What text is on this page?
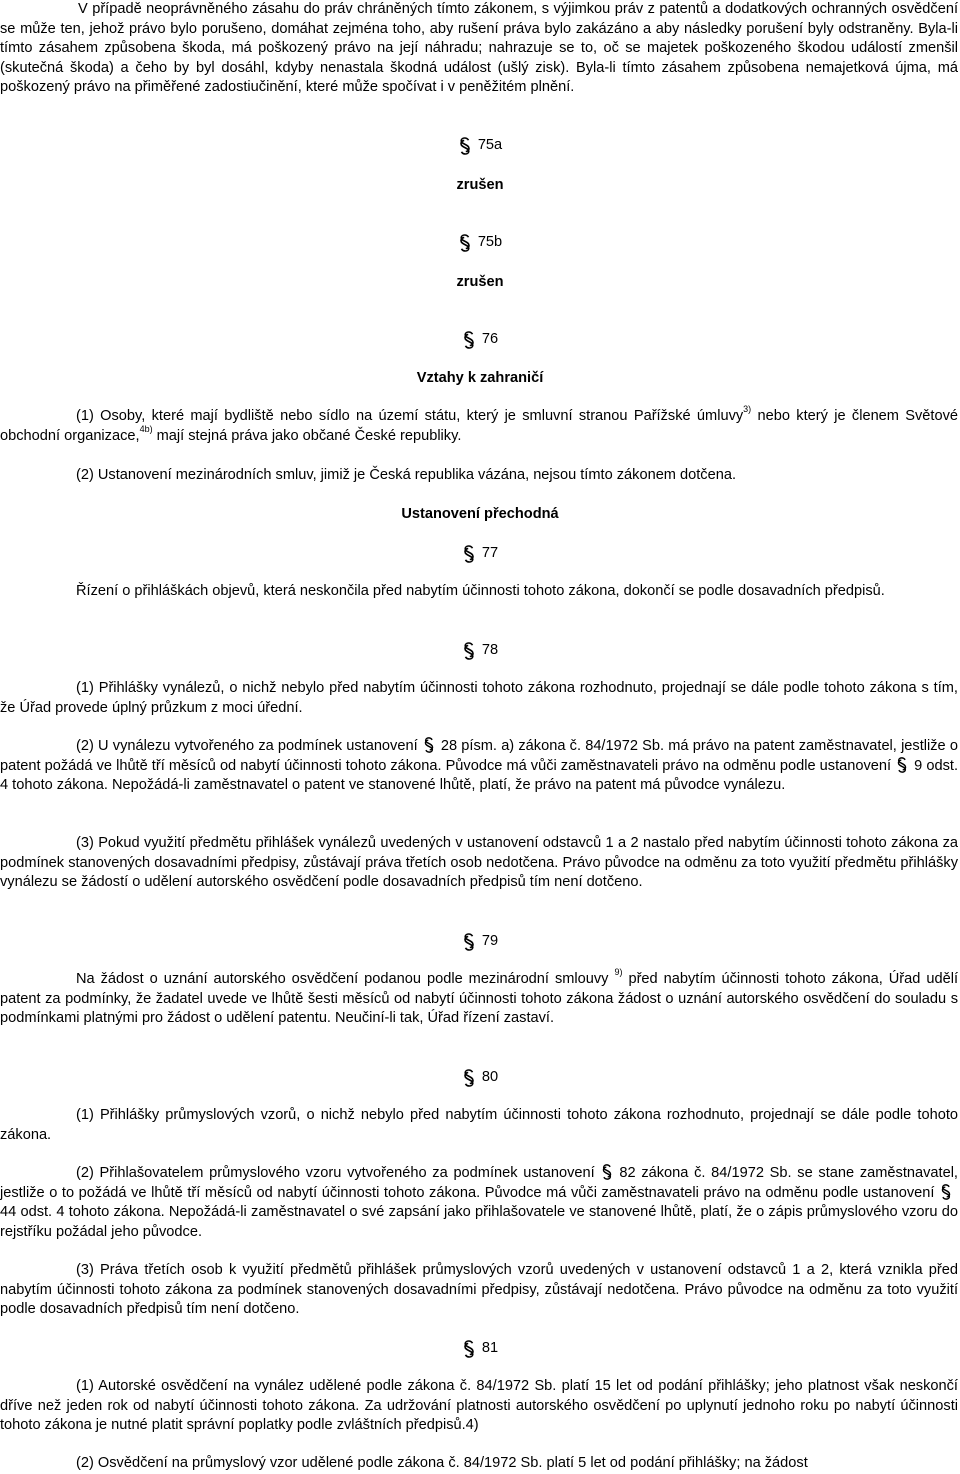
V případě neoprávněného zásahu do práv chráněných tímto zákonem, s výjimkou práv z patentů a dodatkových ochranných osvědčení se může ten, jehož právo bylo porušeno, domáhat zejména toho, aby rušení práva bylo zakázáno a aby následky porušení byly odstraněny. Byla-li tímto zásahem způsobena škoda, má poškozený právo na její náhradu; nahrazuje se to, oč se majetek poškozeného škodou událostí zmenšil (skutečná škoda) a čeho by byl dosáhl, kdyby nenastala škodná událost (ušlý zisk). Byla-li tímto zásahem způsobena nemajetková újma, má poškozený právo na přiměřené zadostiučinění, které může spočívat i v peněžitém plnění.

75a
zrušen
75b
zrušen
76
Vztahy k zahraničí

(1) Osoby, které mají bydliště nebo sídlo na území státu, který je smluvní stranou Pařížské úmluvy$^{3)}$ nebo který je členem Světové obchodní organizace,$^{4b)}$ mají stejná práva jako občané České republiky.

(2) Ustanovení mezinárodních smluv, jimiž je Česká republika vázána, nejsou tímto zákonem dotčena.

Ustanovení přechodná
77

Řízení o přihláškách objevů, která neskončila před nabytím účinnosti tohoto zákona, dokončí se podle dosavadních předpisů.

78

(1) Přihlášky vynálezů, o nichž nebylo před nabytím účinnosti tohoto zákona rozhodnuto, projednají se dále podle tohoto zákona s tím, že Úřad provede úplný průzkum z moci úřední.

(2) U vynálezu vytvořeného za podmínek ustanovení 28 písm. a) zákona č. 84/1972 Sb. má právo na patent zaměstnavatel, jestliže o patent požádá ve lhůtě tří měsíců od nabytí účinnosti tohoto zákona. Původce má vůči zaměstnavateli právo na odměnu podle ustanovení 9 odst. 4 tohoto zákona. Nepožádá-li zaměstnavatel o patent ve stanovené lhůtě, platí, že právo na patent má původce vynálezu.

(3) Pokud využití předmětu přihlášek vynálezů uvedených v ustanovení odstavců 1 a 2 nastalo před nabytím účinnosti tohoto zákona za podmínek stanovených dosavadními předpisy, zůstávají práva třetích osob nedotčena. Právo původce na odměnu za toto využití předmětu přihlášky vynálezu se žádostí o udělení autorského osvědčení podle dosavadních předpisů tím není dotčeno.

79

Na žádost o uznání autorského osvědčení podanou podle mezinárodní smlouvy $^{9)}$ před nabytím účinnosti tohoto zákona, Úřad udělí patent za podmínky, že žadatel uvede ve lhůtě šesti měsíců od nabytí účinnosti tohoto zákona žádost o uznání autorského osvědčení do souladu s podmínkami platnými pro žádost o udělení patentu. Neučiní-li tak, Úřad řízení zastaví.

80

(1) Přihlášky průmyslových vzorů, o nichž nebylo před nabytím účinnosti tohoto zákona rozhodnuto, projednají se dále podle tohoto zákona.

(2) Přihlašovatelem průmyslového vzoru vytvořeného za podmínek ustanovení 82 zákona č. 84/1972 Sb. se stane zaměstnavatel, jestliže o to požádá ve lhůtě tří měsíců od nabytí účinnosti tohoto zákona. Původce má vůči zaměstnavateli právo na odměnu podle ustanovení 44 odst. 4 tohoto zákona. Nepožádá-li zaměstnavatel o své zapsání jako přihlašovatele ve stanovené lhůtě, platí, že o zápis průmyslového vzoru do rejstříku požádal jeho původce.

(3) Práva třetích osob k využití předmětů přihlášek průmyslových vzorů uvedených v ustanovení odstavců 1 a 2, která vznikla před nabytím účinnosti tohoto zákona za podmínek stanovených dosavadními předpisy, zůstávají nedotčena. Právo původce na odměnu za toto využití podle dosavadních předpisů tím není dotčeno.

81

(1) Autorské osvědčení na vynález udělené podle zákona č. 84/1972 Sb. platí 15 let od podání přihlášky; jeho platnost však neskončí dříve než jeden rok od nabytí účinnosti tohoto zákona. Za udržování platnosti autorského osvědčení po uplynutí jednoho roku po nabytí účinnosti tohoto zákona je nutné platit správní poplatky podle zvláštních předpisů.4)

(2) Osvědčení na průmyslový vzor udělené podle zákona č. 84/1972 Sb. platí 5 let od podání přihlášky; na žádost
